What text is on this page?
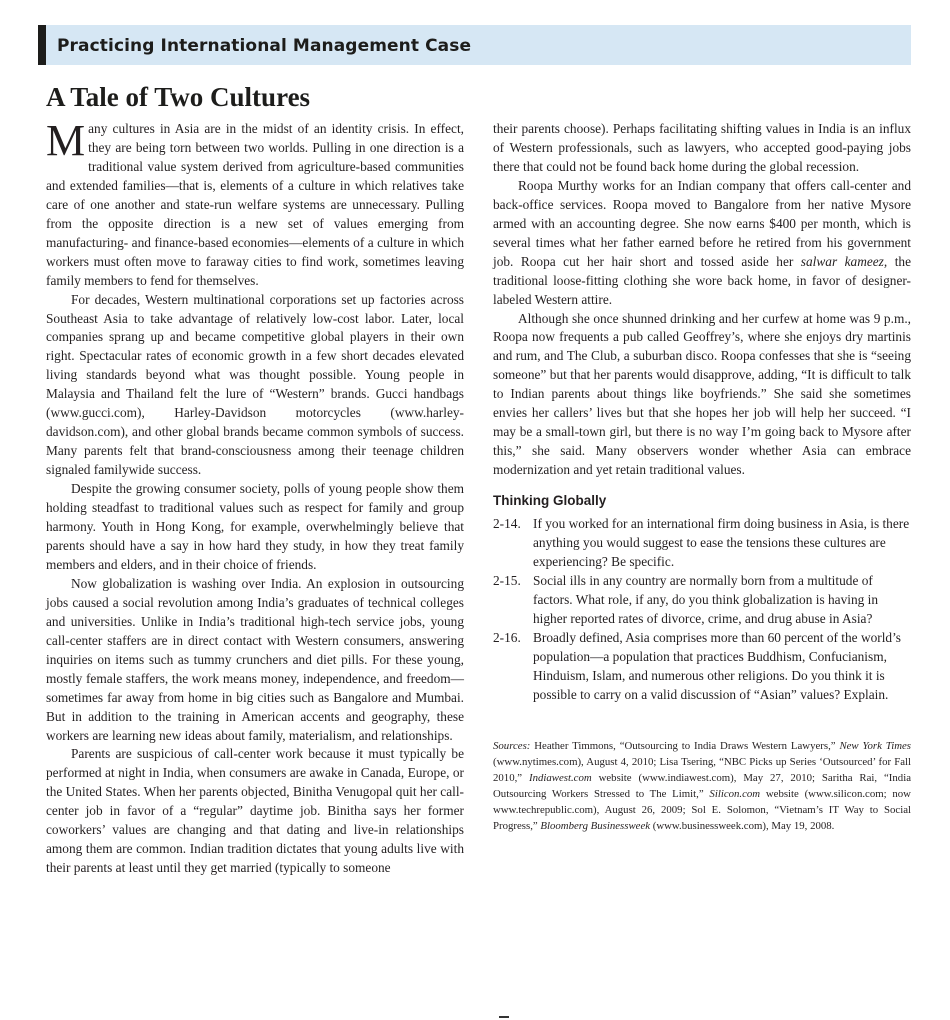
Practicing International Management Case
A Tale of Two Cultures

Many cultures in Asia are in the midst of an identity crisis. In effect, they are being torn between two worlds. Pulling in one direction is a traditional value system derived from agriculture-based communities and extended families—that is, elements of a culture in which relatives take care of one another and state-run welfare systems are unnecessary. Pulling from the opposite direction is a new set of values emerging from manufacturing- and finance-based economies—elements of a culture in which workers must often move to faraway cities to find work, sometimes leaving family members to fend for themselves.

For decades, Western multinational corporations set up factories across Southeast Asia to take advantage of relatively low-cost labor. Later, local companies sprang up and became competitive global players in their own right. Spectacular rates of economic growth in a few short decades elevated living standards beyond what was thought possible. Young people in Malaysia and Thailand felt the lure of “Western” brands. Gucci handbags (www.gucci.com), Harley-Davidson motorcycles (www.harley-davidson.com), and other global brands became common symbols of success. Many parents felt that brand-consciousness among their teenage children signaled familywide success.

Despite the growing consumer society, polls of young people show them holding steadfast to traditional values such as respect for family and group harmony. Youth in Hong Kong, for example, overwhelmingly believe that parents should have a say in how hard they study, in how they treat family members and elders, and in their choice of friends.

Now globalization is washing over India. An explosion in outsourcing jobs caused a social revolution among India’s graduates of technical colleges and universities. Unlike in India’s traditional high-tech service jobs, young call-center staffers are in direct contact with Western consumers, answering inquiries on items such as tummy crunchers and diet pills. For these young, mostly female staffers, the work means money, independence, and freedom—sometimes far away from home in big cities such as Bangalore and Mumbai. But in addition to the training in American accents and geography, these workers are learning new ideas about family, materialism, and relationships.

Parents are suspicious of call-center work because it must typically be performed at night in India, when consumers are awake in Canada, Europe, or the United States. When her parents objected, Binitha Venugopal quit her call-center job in favor of a “regular” daytime job. Binitha says her former coworkers’ values are changing and that dating and live-in relationships among them are common. Indian tradition dictates that young adults live with their parents at least until they get married (typically to someone

their parents choose). Perhaps facilitating shifting values in India is an influx of Western professionals, such as lawyers, who accepted good-paying jobs there that could not be found back home during the global recession.

Roopa Murthy works for an Indian company that offers call-center and back-office services. Roopa moved to Bangalore from her native Mysore armed with an accounting degree. She now earns $400 per month, which is several times what her father earned before he retired from his government job. Roopa cut her hair short and tossed aside her salwar kameez, the traditional loose-fitting clothing she wore back home, in favor of designer-labeled Western attire.

Although she once shunned drinking and her curfew at home was 9 p.m., Roopa now frequents a pub called Geoffrey’s, where she enjoys dry martinis and rum, and The Club, a suburban disco. Roopa confesses that she is “seeing someone” but that her parents would disapprove, adding, “It is difficult to talk to Indian parents about things like boyfriends.” She said she sometimes envies her callers’ lives but that she hopes her job will help her succeed. “I may be a small-town girl, but there is no way I’m going back to Mysore after this,” she said. Many observers wonder whether Asia can embrace modernization and yet retain traditional values.

Thinking Globally
2-14. If you worked for an international firm doing business in Asia, is there anything you would suggest to ease the tensions these cultures are experiencing? Be specific.
2-15. Social ills in any country are normally born from a multitude of factors. What role, if any, do you think globalization is having in higher reported rates of divorce, crime, and drug abuse in Asia?
2-16. Broadly defined, Asia comprises more than 60 percent of the world’s population—a population that practices Buddhism, Confucianism, Hinduism, Islam, and numerous other religions. Do you think it is possible to carry on a valid discussion of “Asian” values? Explain.
Sources: Heather Timmons, “Outsourcing to India Draws Western Lawyers,” New York Times (www.nytimes.com), August 4, 2010; Lisa Tsering, “NBC Picks up Series ‘Outsourced’ for Fall 2010,” Indiawest.com website (www.indiawest.com), May 27, 2010; Saritha Rai, “India Outsourcing Workers Stressed to The Limit,” Silicon.com website (www.silicon.com; now www.techrepublic.com), August 26, 2009; Sol E. Solomon, “Vietnam’s IT Way to Social Progress,” Bloomberg Businessweek (www.businessweek.com), May 19, 2008.
